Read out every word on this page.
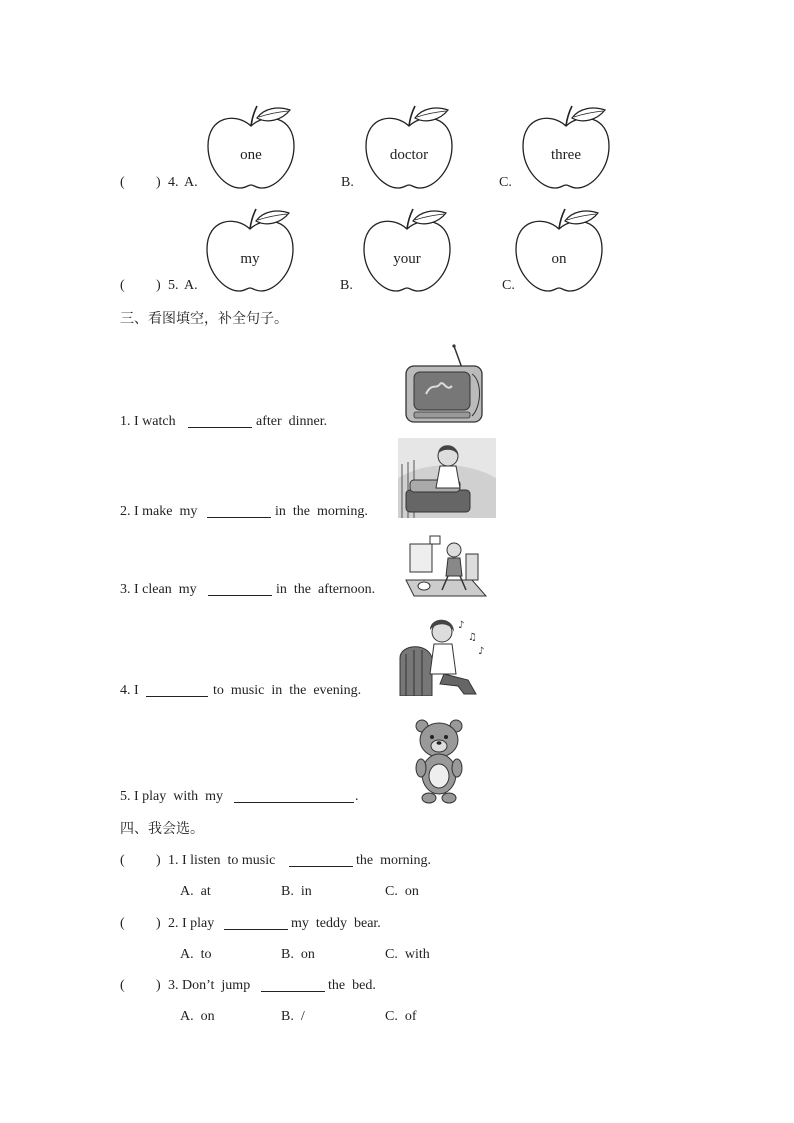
( ) 4. A.	B.	C.
one	doctor	three
( ) 5. A.	B.	C.
my	your	on
三、看图填空，补全句子。
1. I watch	after  dinner.
2. I make  my	in  the  morning.
3. I clean  my	in  the  afternoon.
4. I	to  music  in  the  evening.
♪
♫
♪
5. I play  with  my	.
四、我会选。
( ) 1. I listen  to music	the  morning.
A.  at	B.  in	C.  on
( ) 2. I play	my  teddy  bear.
A.  to	B.  on	C.  with
( ) 3. Don’t  jump	the  bed.
A.  on	B.  /	C.  of
